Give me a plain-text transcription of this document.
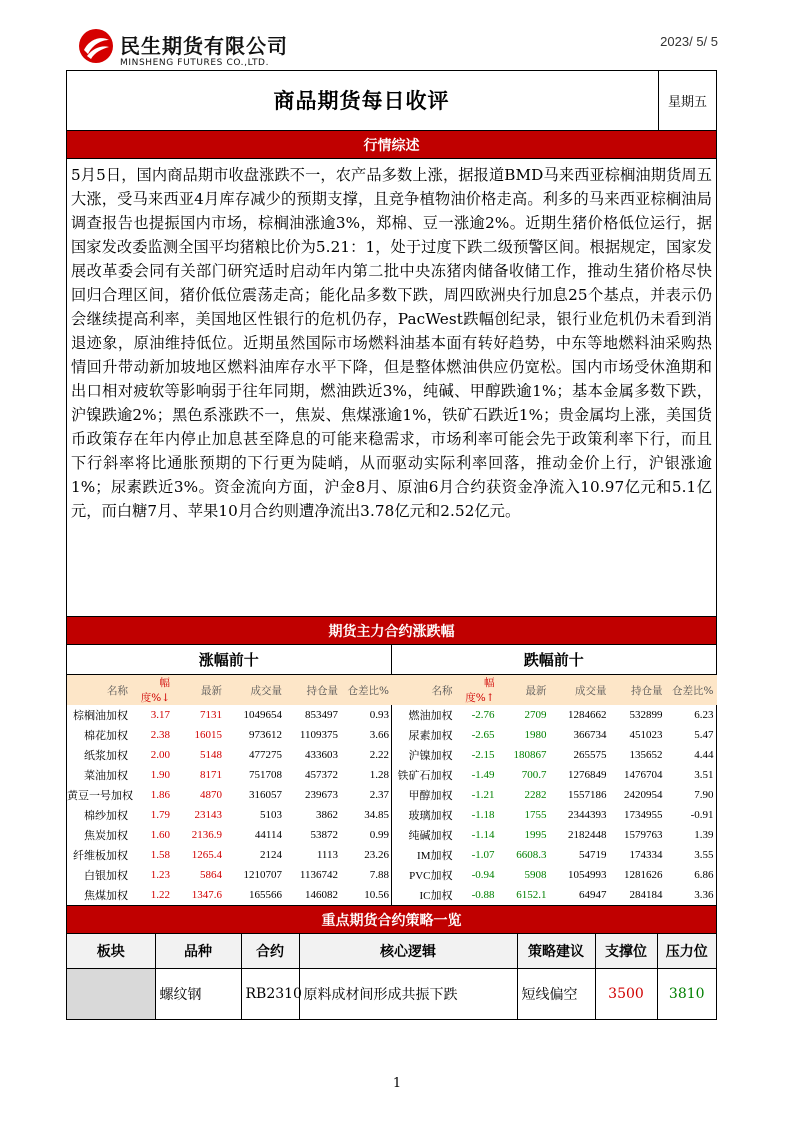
民生期货有限公司
MINSHENG FUTURES CO.,LTD.
2023/ 5/ 5
商品期货每日收评	星期五
行情综述
5月5日，国内商品期市收盘涨跌不一，农产品多数上涨，据报道BMD马来西亚棕榈油期货周五大涨，受马来西亚4月库存减少的预期支撑，且竞争植物油价格走高。利多的马来西亚棕榈油局调查报告也提振国内市场，棕榈油涨逾3%，郑棉、豆一涨逾2%。近期生猪价格低位运行，据国家发改委监测全国平均猪粮比价为5.21：1，处于过度下跌二级预警区间。根据规定，国家发展改革委会同有关部门研究适时启动年内第二批中央冻猪肉储备收储工作，推动生猪价格尽快回归合理区间，猪价低位震荡走高；能化品多数下跌，周四欧洲央行加息25个基点，并表示仍会继续提高利率，美国地区性银行的危机仍存，PacWest跌幅创纪录，银行业危机仍未看到消退迹象，原油维持低位。近期虽然国际市场燃料油基本面有转好趋势，中东等地燃料油采购热情回升带动新加坡地区燃料油库存水平下降，但是整体燃油供应仍宽松。国内市场受休渔期和出口相对疲软等影响弱于往年同期，燃油跌近3%，纯碱、甲醇跌逾1%；基本金属多数下跌，沪镍跌逾2%；黑色系涨跌不一，焦炭、焦煤涨逾1%，铁矿石跌近1%；贵金属均上涨，美国货币政策存在年内停止加息甚至降息的可能来稳需求，市场利率可能会先于政策利率下行，而且下行斜率将比通胀预期的下行更为陡峭，从而驱动实际利率回落，推动金价上行，沪银涨逾1%；尿素跌近3%。资金流向方面，沪金8月、原油6月合约获资金净流入10.97亿元和5.1亿元，而白糖7月、苹果10月合约则遭净流出3.78亿元和2.52亿元。
期货主力合约涨跌幅
涨幅前十
名称	幅度%↓	最新	成交量	持仓量	仓差比%
棕榈油加权	3.17	7131	1049654	853497	0.93
棉花加权	2.38	16015	973612	1109375	3.66
纸浆加权	2.00	5148	477275	433603	2.22
菜油加权	1.90	8171	751708	457372	1.28
黄豆一号加权	1.86	4870	316057	239673	2.37
棉纱加权	1.79	23143	5103	3862	34.85
焦炭加权	1.60	2136.9	44114	53872	0.99
纤维板加权	1.58	1265.4	2124	1113	23.26
白银加权	1.23	5864	1210707	1136742	7.88
焦煤加权	1.22	1347.6	165566	146082	10.56
跌幅前十
名称	幅度%↑	最新	成交量	持仓量	仓差比%
燃油加权	-2.76	2709	1284662	532899	6.23
尿素加权	-2.65	1980	366734	451023	5.47
沪镍加权	-2.15	180867	265575	135652	4.44
铁矿石加权	-1.49	700.7	1276849	1476704	3.51
甲醇加权	-1.21	2282	1557186	2420954	7.90
玻璃加权	-1.18	1755	2344393	1734955	-0.91
纯碱加权	-1.14	1995	2182448	1579763	1.39
IM加权	-1.07	6608.3	54719	174334	3.55
PVC加权	-0.94	5908	1054993	1281626	6.86
IC加权	-0.88	6152.1	64947	284184	3.36
重点期货合约策略一览
板块	品种	合约	核心逻辑	策略建议	支撑位	压力位
	螺纹钢	RB2310	原料成材间形成共振下跌	短线偏空	3500	3810
1
